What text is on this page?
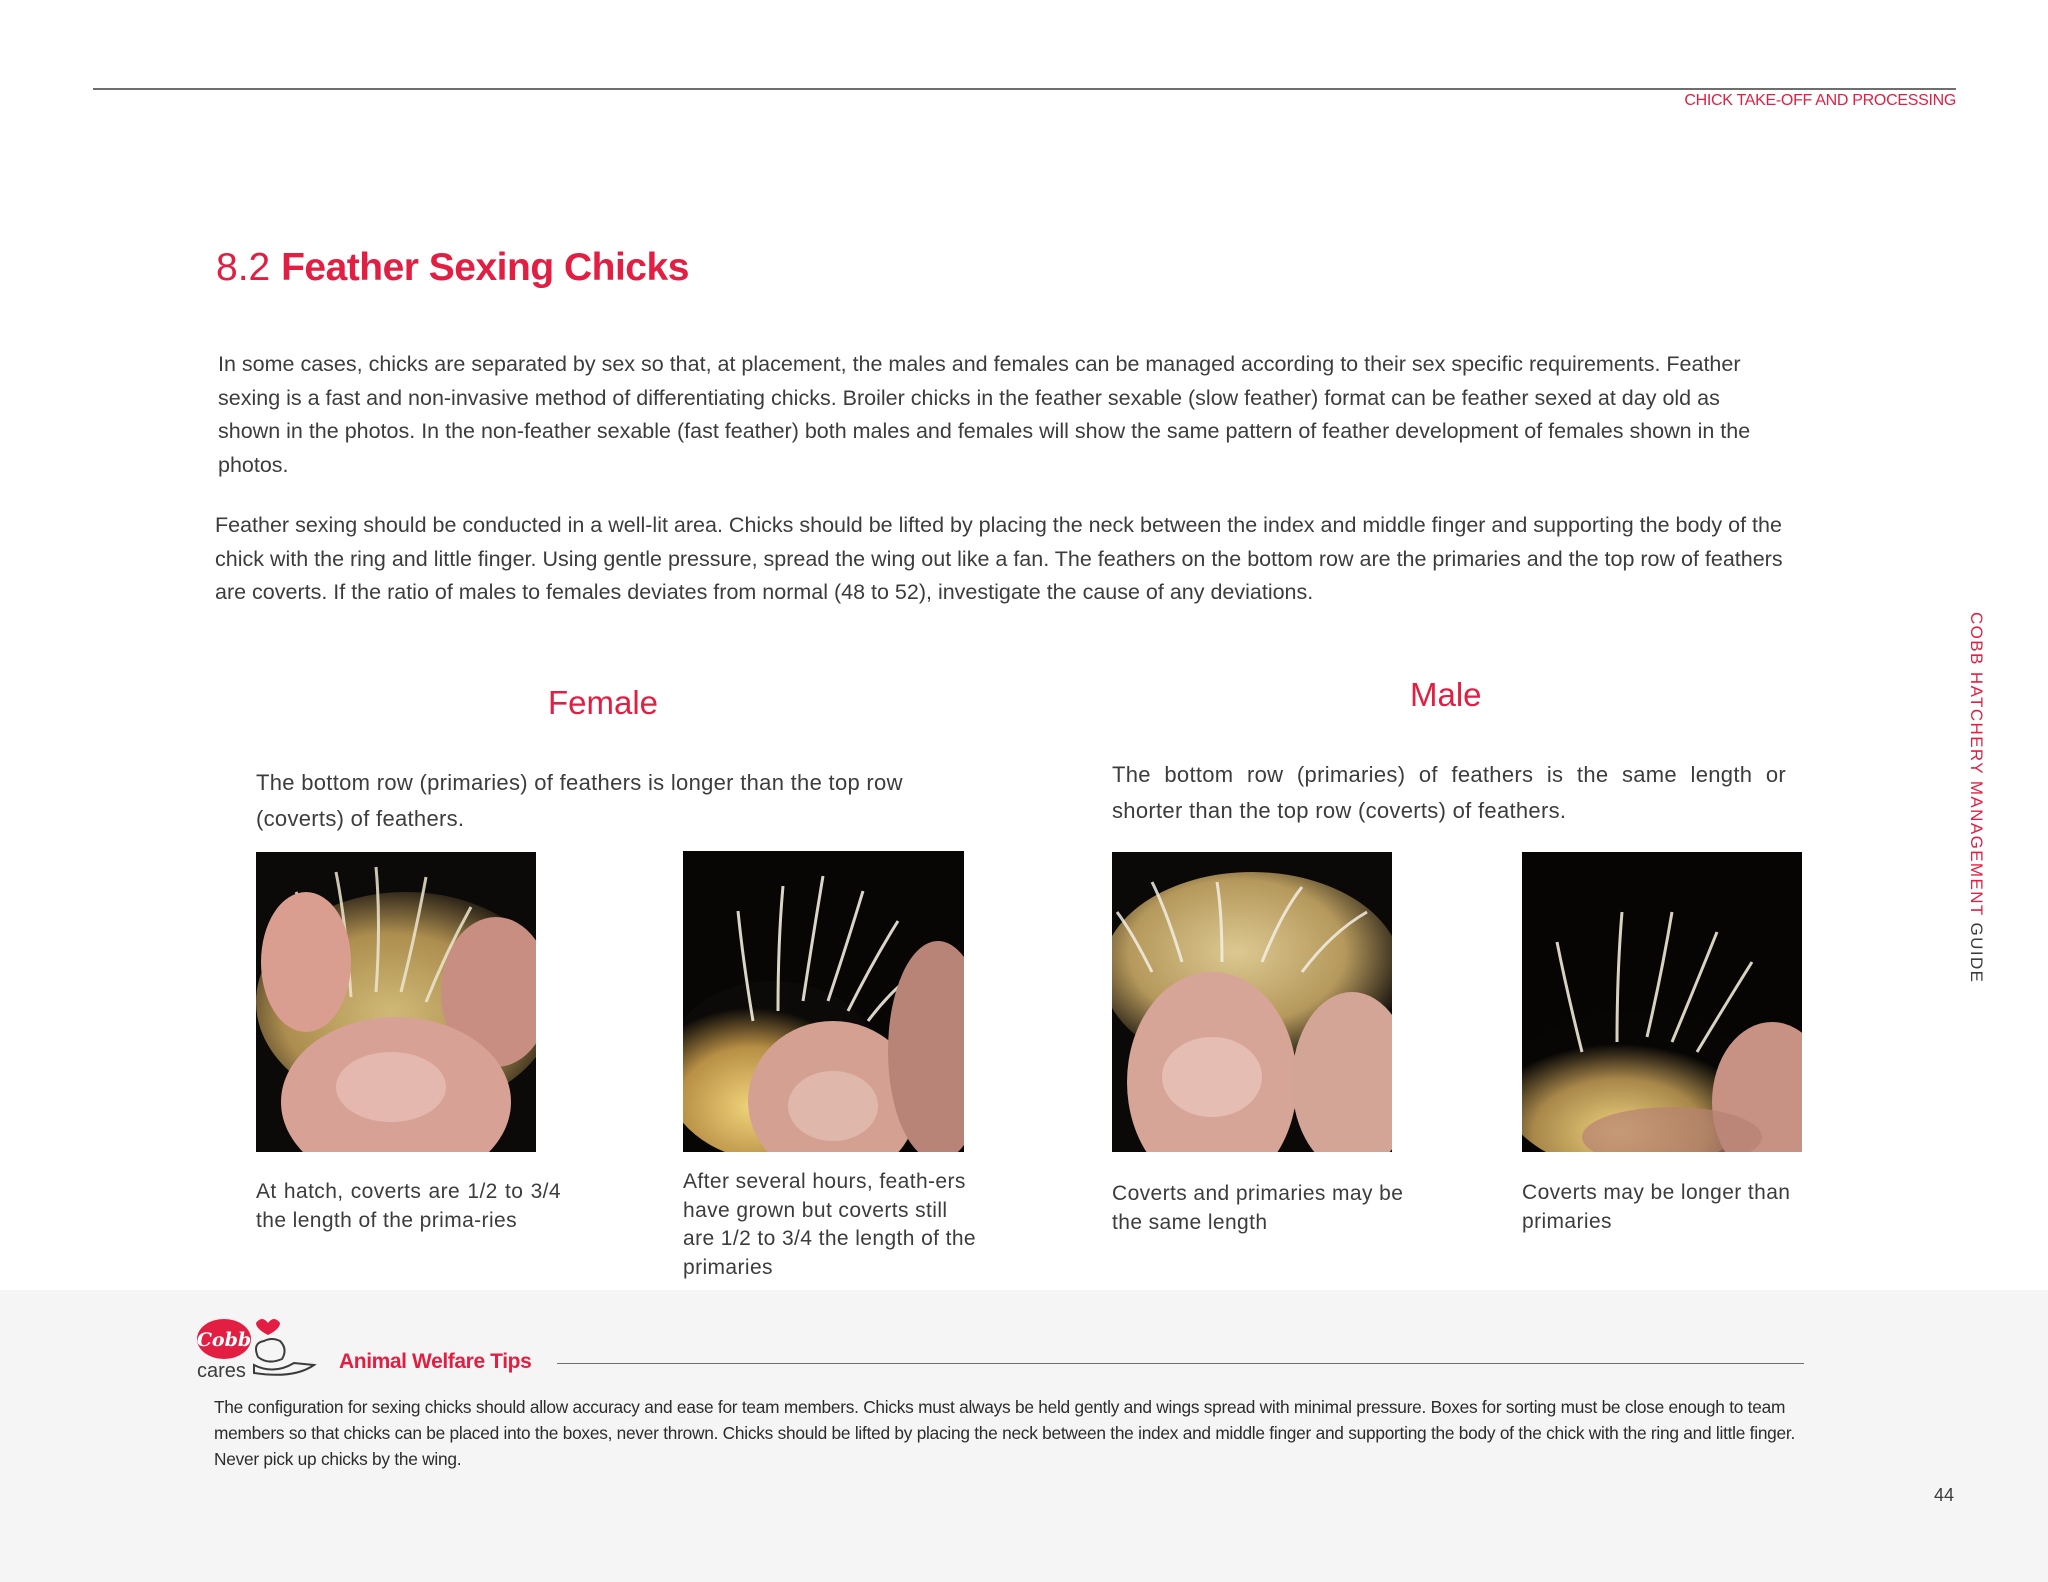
CHICK TAKE-OFF AND PROCESSING
COBB HATCHERY MANAGEMENT GUIDE
8.2 Feather Sexing Chicks

In some cases, chicks are separated by sex so that, at placement, the males and females can be managed according to their sex specific requirements. Feather sexing is a fast and non-invasive method of differentiating chicks. Broiler chicks in the feather sexable (slow feather) format can be feather sexed at day old as shown in the photos. In the non-feather sexable (fast feather) both males and females will show the same pattern of feather development of females shown in the photos.

Feather sexing should be conducted in a well-lit area. Chicks should be lifted by placing the neck between the index and middle finger and supporting the body of the chick with the ring and little finger. Using gentle pressure, spread the wing out like a fan. The feathers on the bottom row are the primaries and the top row of feathers are coverts. If the ratio of males to females deviates from normal (48 to 52), investigate the cause of any deviations.

Female	Male
The bottom row (primaries) of feathers is longer than the top row (coverts) of feathers.
The bottom row (primaries) of feathers is the same length or shorter than the top row (coverts) of feathers.
At hatch, coverts are 1/2 to 3/4 the length of the prima-ries
After several hours, feath-ers have grown but coverts still are 1/2 to 3/4 the length of the primaries
Coverts and primaries may be the same length
Coverts may be longer than primaries
Cobb
cares	Animal Welfare Tips
The configuration for sexing chicks should allow accuracy and ease for team members. Chicks must always be held gently and wings spread with minimal pressure. Boxes for sorting must be close enough to team members so that chicks can be placed into the boxes, never thrown. Chicks should be lifted by placing the neck between the index and middle finger and supporting the body of the chick with the ring and little finger. Never pick up chicks by the wing.
44
